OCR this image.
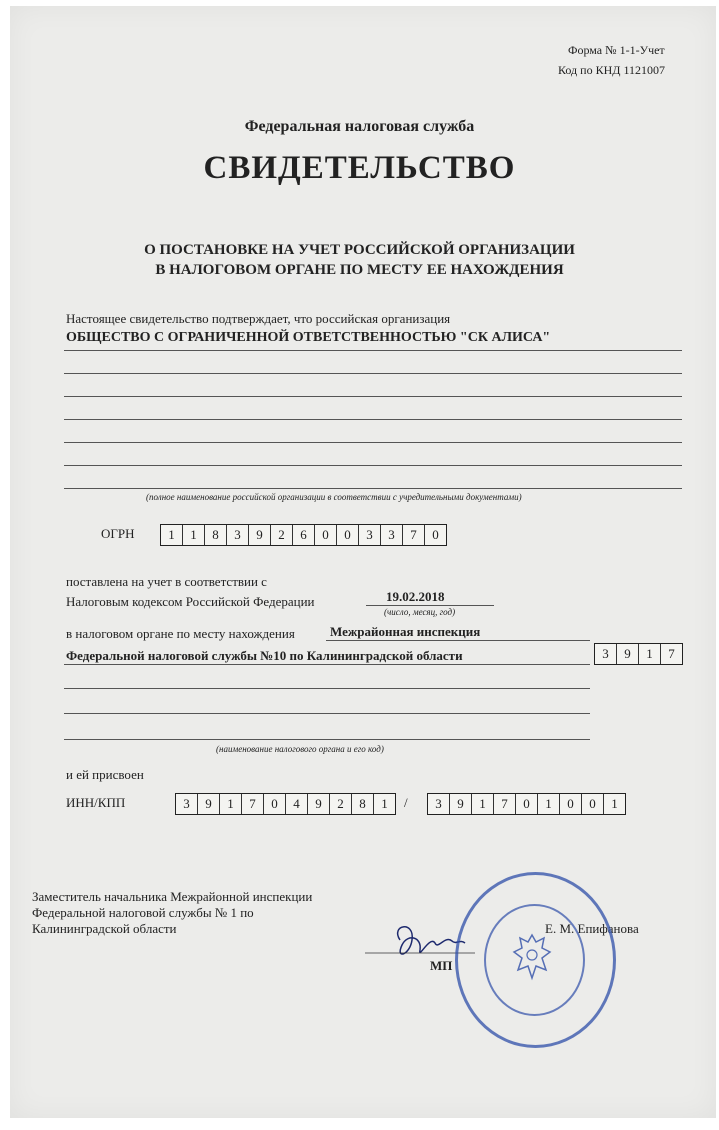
Форма № 1-1-Учет
Код по КНД 1121007
Федеральная налоговая служба
СВИДЕТЕЛЬСТВО
О ПОСТАНОВКЕ НА УЧЕТ РОССИЙСКОЙ ОРГАНИЗАЦИИ
В НАЛОГОВОМ ОРГАНЕ ПО МЕСТУ ЕЕ НАХОЖДЕНИЯ
Настоящее свидетельство подтверждает, что российская организация
ОБЩЕСТВО С ОГРАНИЧЕННОЙ ОТВЕТСТВЕННОСТЬЮ "СК АЛИСА"
(полное наименование российской организации в соответствии с учредительными документами)
ОГРН	1	1	8	3	9	2	6	0	0	3	3	7	0
поставлена на учет в соответствии с
Налоговым кодексом Российской Федерации	19.02.2018
(число, месяц, год)
в налоговом органе по месту нахождения	Межрайонная инспекция
Федеральной налоговой службы №10 по Калининградской области	3	9	1	7
(наименование налогового органа и его код)
и ей присвоен
ИНН/КПП	3	9	1	7	0	4	9	2	8	1	/	3	9	1	7	0	1	0	0	1
Заместитель начальника Межрайонной инспекции
Федеральной налоговой службы № 1 по
Калининградской области	Е. М. Епифанова
МП
